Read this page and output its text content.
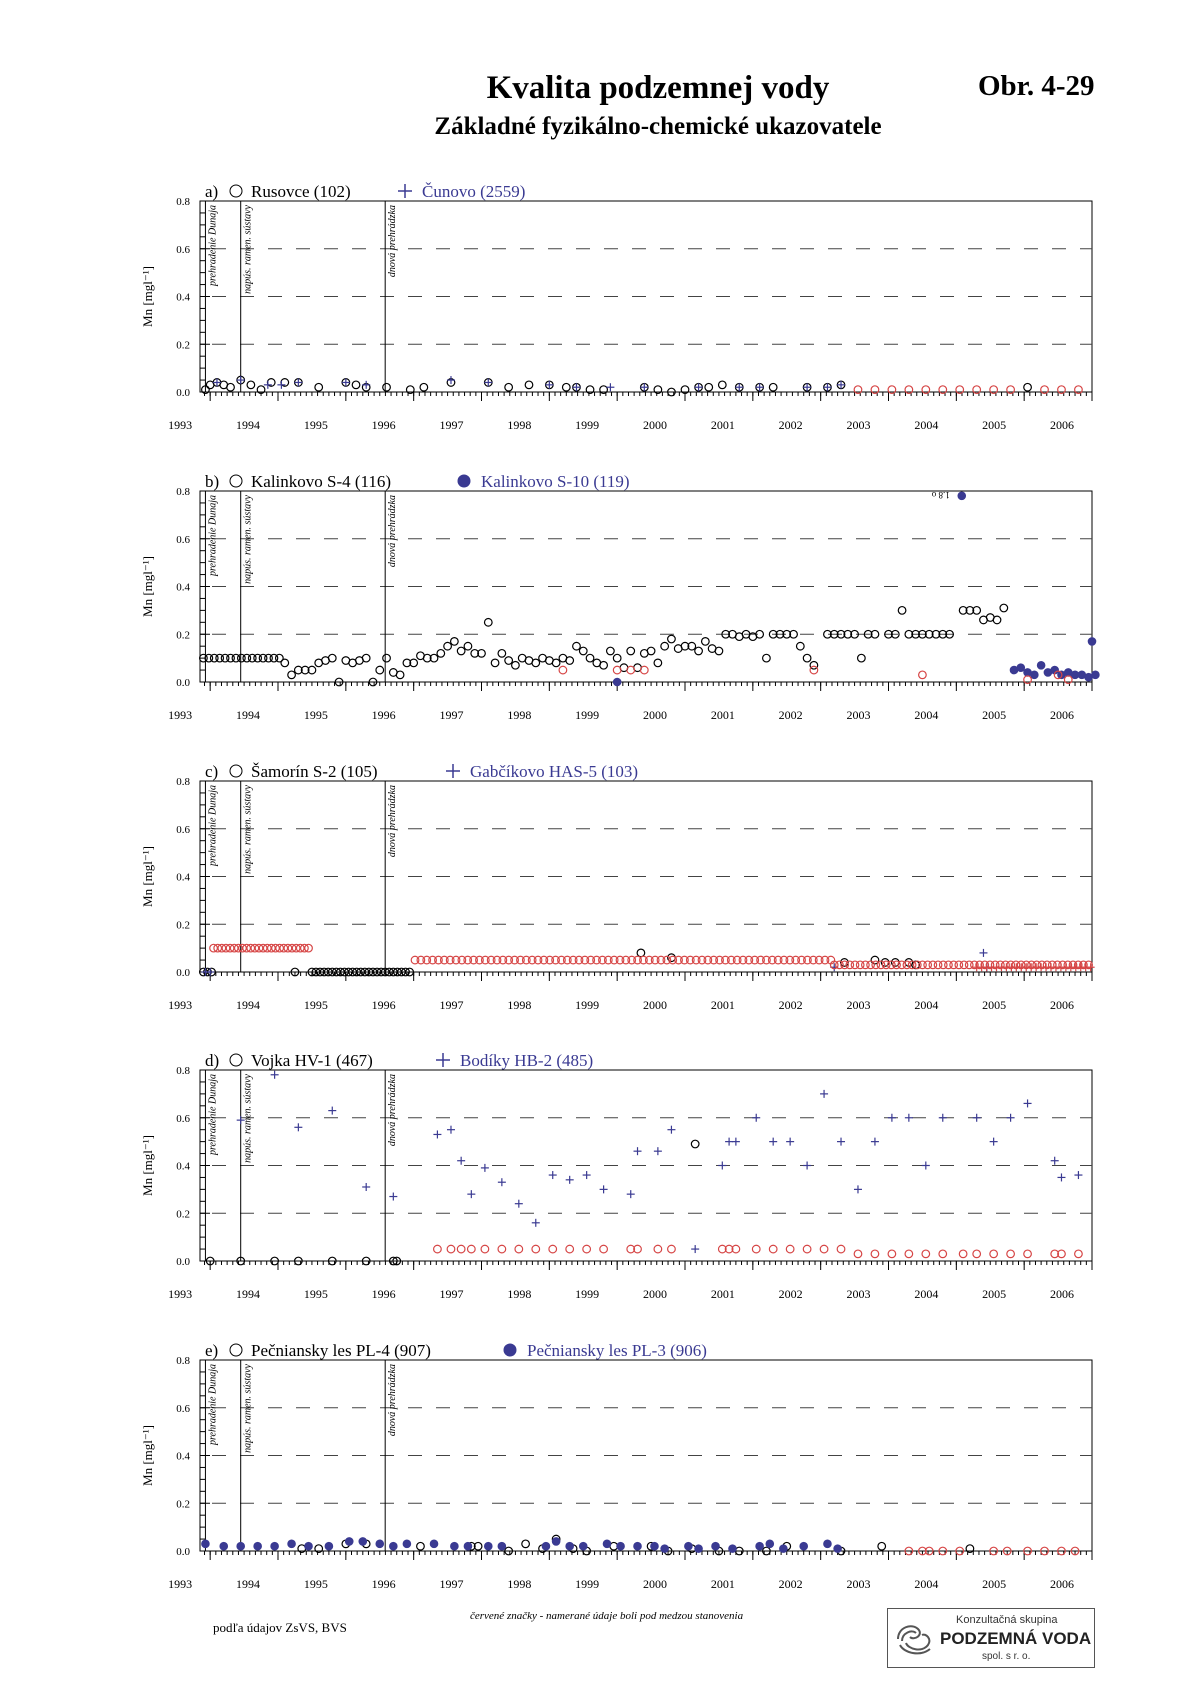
Kvalita podzemnej vody
Základné fyzikálno-chemické ukazovatele
Obr. 4-29
0.0
0.2
0.4
0.6
0.8
1993	1994	1995	1996	1997	1998	1999	2000	2001	2002	2003	2004	2005	2006
Mn [mgl⁻¹]
prehradenie Dunaja napús. ramen. sústavy	dnová prehrádzka
a) Rusovce (102)	Čunovo (2559)
0.0
0.2
0.4
0.6
0.8
1993	1994	1995	1996	1997	1998	1999	2000	2001	2002	2003	2004	2005	2006
Mn [mgl⁻¹]
prehradenie Dunaja napús. ramen. sústavy	dnová prehrádzka
b) Kalinkovo S-4 (116)	Kalinkovo S-10 (119)
1.8 o
0.0
0.2
0.4
0.6
0.8
1993	1994	1995	1996	1997	1998	1999	2000	2001	2002	2003	2004	2005	2006
Mn [mgl⁻¹]
prehradenie Dunaja napús. ramen. sústavy	dnová prehrádzka
c) Šamorín S-2 (105)	Gabčíkovo HAS-5 (103)
0.0
0.2
0.4
0.6
0.8
1993	1994	1995	1996	1997	1998	1999	2000	2001	2002	2003	2004	2005	2006
Mn [mgl⁻¹]
prehradenie Dunaja napús. ramen. sústavy	dnová prehrádzka
d) Vojka HV-1 (467)	Bodíky HB-2 (485)
0.0
0.2
0.4
0.6
0.8
1993	1994	1995	1996	1997	1998	1999	2000	2001	2002	2003	2004	2005	2006
Mn [mgl⁻¹]
prehradenie Dunaja napús. ramen. sústavy	dnová prehrádzka
e) Pečniansky les PL-4 (907)	Pečniansky les PL-3 (906)
podľa údajov ZsVS, BVS
červené značky - namerané údaje boli pod medzou stanovenia	Konzultačná skupina
PODZEMNÁ VODA
spol. s r. o.
